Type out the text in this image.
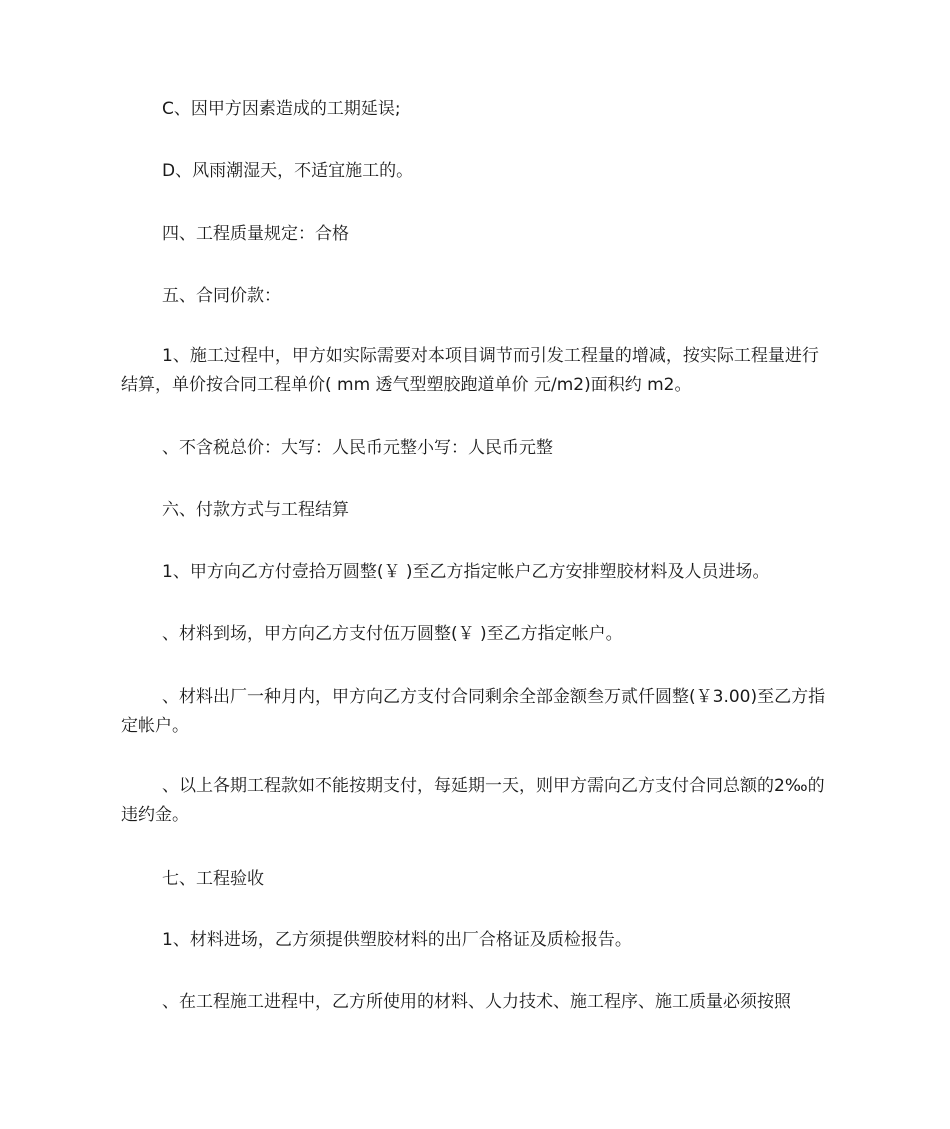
C、因甲方因素造成的工期延误;

D、风雨潮湿天，不适宜施工的。

四、工程质量规定：合格

五、合同价款：

1、施工过程中，甲方如实际需要对本项目调节而引发工程量的增减，按实际工程量进行结算，单价按合同工程单价( mm 透气型塑胶跑道单价 元/m2)面积约 m2。

、不含税总价：大写：人民币元整小写：人民币元整

六、付款方式与工程结算

1、甲方向乙方付壹拾万圆整(￥ )至乙方指定帐户乙方安排塑胶材料及人员进场。

、材料到场，甲方向乙方支付伍万圆整(￥ )至乙方指定帐户。

、材料出厂一种月内，甲方向乙方支付合同剩余全部金额叁万贰仟圆整(￥3.00)至乙方指定帐户。

、以上各期工程款如不能按期支付，每延期一天，则甲方需向乙方支付合同总额的2‰的违约金。

七、工程验收

1、材料进场，乙方须提供塑胶材料的出厂合格证及质检报告。

、在工程施工进程中，乙方所使用的材料、人力技术、施工程序、施工质量必须按照
